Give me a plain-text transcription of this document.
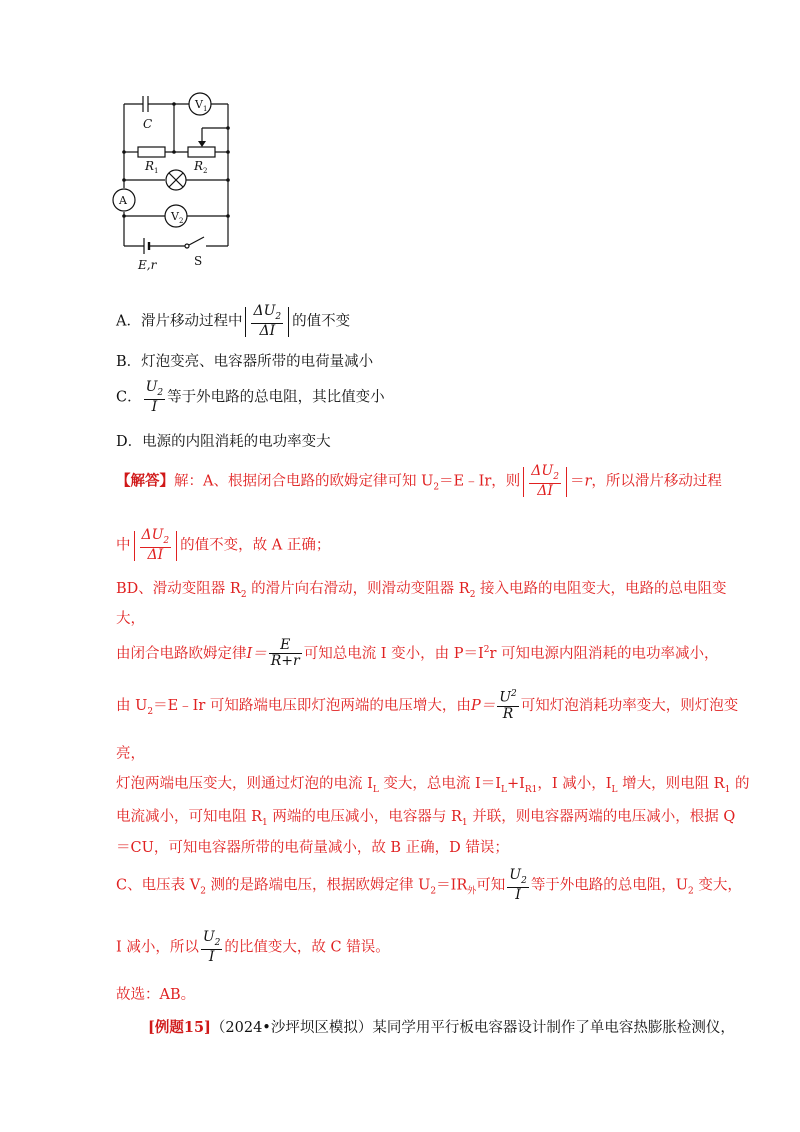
C
V 1
R 1	R 2
A
V 2
E,r	S
A．滑片移动过程中 $\frac{\Delta U_2}{\Delta I}$ 的值不变
B．灯泡变亮、电容器所带的电荷量减小
C． $\frac{U_2}{I}$ 等于外电路的总电阻，其比值变小
D．电源的内阻消耗的电功率变大
【解答】解：A、根据闭合电路的欧姆定律可知 $U_2=E﹣Ir$，则 $\frac{\Delta U_2}{\Delta I} =r$，所以滑片移动过程
中 $\frac{\Delta U_2}{\Delta I}$ 的值不变，故 A 正确；
BD、滑动变阻器 $R_2$ 的滑片向右滑动，则滑动变阻器 $R_2$ 接入电路的电阻变大，电路的总电阻变
大，
由闭合电路欧姆定律$I= \frac{E}{R+r}$ 可知总电流 I 变小，由 $P=I^2r$ 可知电源内阻消耗的电功率减小，
由 $U_2=E﹣Ir$ 可知路端电压即灯泡两端的电压增大，由$P= \frac{U^2}{R}$ 可知灯泡消耗功率变大，则灯泡变
亮，
灯泡两端电压变大，则通过灯泡的电流 $I_L$ 变大，总电流 $I=I_L+I_{R1}$，I 减小，$I_L$ 增大，则电阻 $R_1$ 的
电流减小，可知电阻 $R_1$ 两端的电压减小，电容器与 $R_1$ 并联，则电容器两端的电压减小，根据 Q
＝CU，可知电容器所带的电荷量减小，故 B 正确，D 错误；
C、电压表 $V_2$ 测的是路端电压，根据欧姆定律 $U_2=IR_外$可知 $\frac{U_2}{I}$ 等于外电路的总电阻，$U_2$ 变大，
I 减小，所以 $\frac{U_2}{I}$ 的比值变大，故 C 错误。
故选：AB。
[例题15]（2024•沙坪坝区模拟）某同学用平行板电容器设计制作了单电容热膨胀检测仪，
